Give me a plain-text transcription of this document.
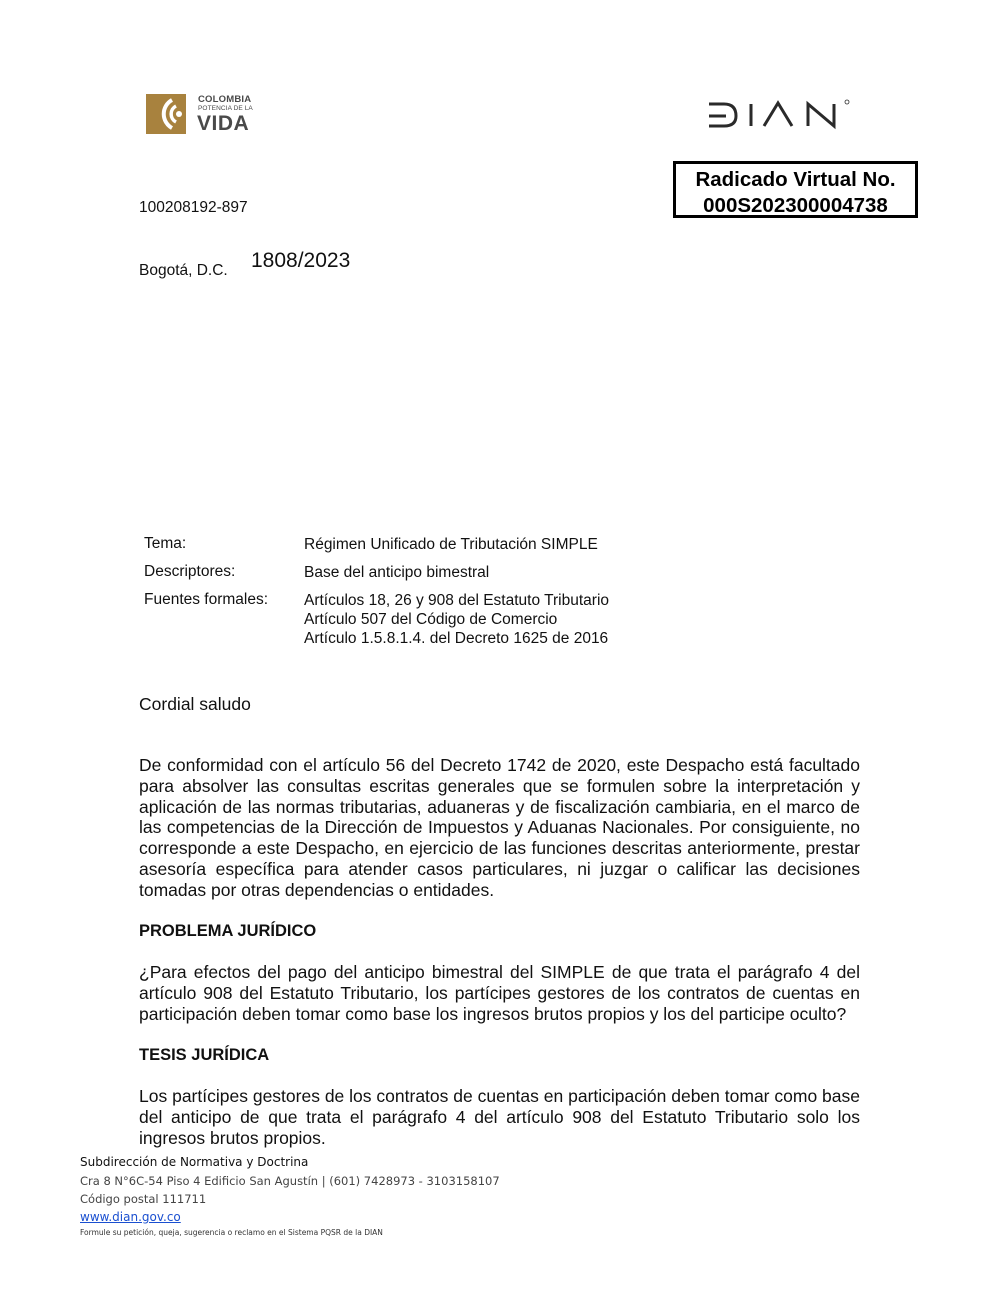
COLOMBIA
POTENCIA DE LA
VIDA
Radicado Virtual No.
000S202300004738
100208192-897
Bogotá, D.C. 1808/2023
Tema:	Régimen Unificado de Tributación SIMPLE
Descriptores:	Base del anticipo bimestral
Fuentes formales: Artículos 18, 26 y 908 del Estatuto Tributario
Artículo 507 del Código de Comercio
Artículo 1.5.8.1.4. del Decreto 1625 de 2016
Cordial saludo

De conformidad con el artículo 56 del Decreto 1742 de 2020, este Despacho está facultado para absolver las consultas escritas generales que se formulen sobre la interpretación y aplicación de las normas tributarias, aduaneras y de fiscalización cambiaria, en el marco de las competencias de la Dirección de Impuestos y Aduanas Nacionales. Por consiguiente, no corresponde a este Despacho, en ejercicio de las funciones descritas anteriormente, prestar asesoría específica para atender casos particulares, ni juzgar o calificar las decisiones tomadas por otras dependencias o entidades.

PROBLEMA JURÍDICO

¿Para efectos del pago del anticipo bimestral del SIMPLE de que trata el parágrafo 4 del artículo 908 del Estatuto Tributario, los partícipes gestores de los contratos de cuentas en participación deben tomar como base los ingresos brutos propios y los del participe oculto?

TESIS JURÍDICA

Los partícipes gestores de los contratos de cuentas en participación deben tomar como base del anticipo de que trata el parágrafo 4 del artículo 908 del Estatuto Tributario solo los ingresos brutos propios.

Subdirección de Normativa y Doctrina
Cra 8 N°6C-54 Piso 4 Edificio San Agustín | (601) 7428973 - 3103158107
Código postal 111711
www.dian.gov.co
Formule su petición, queja, sugerencia o reclamo en el Sistema PQSR de la DIAN
